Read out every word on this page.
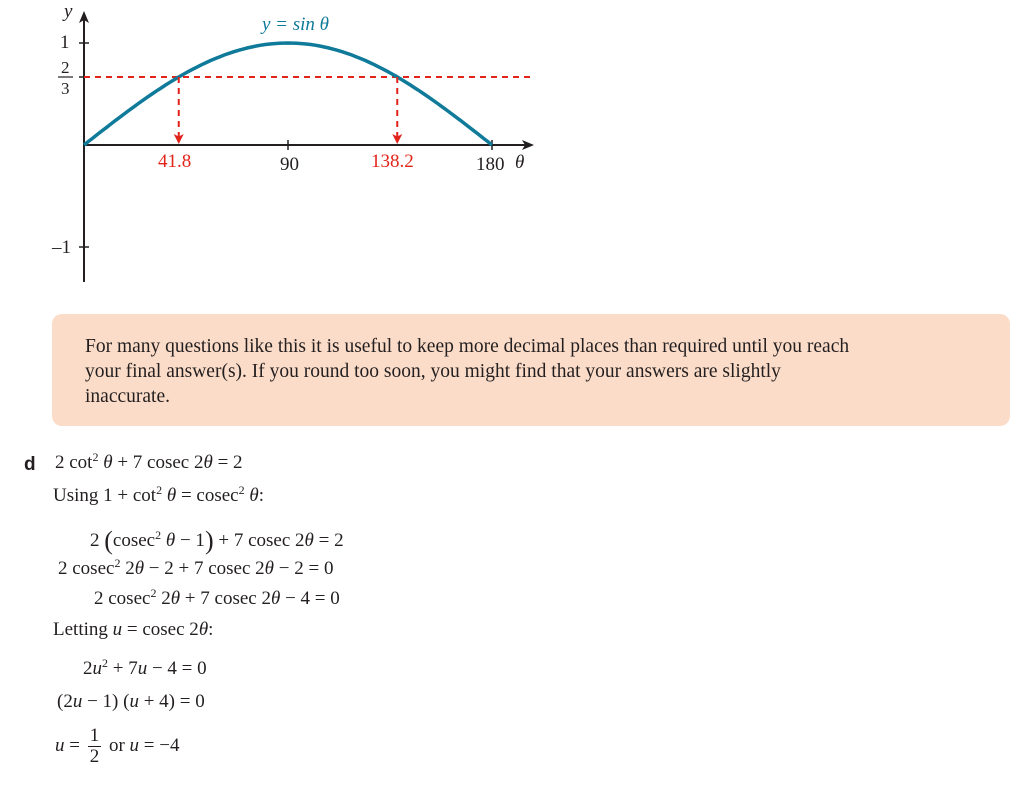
y
θ
y = sin θ
1
–1
2
3
90	180
41.8	138.2

For many questions like this it is useful to keep more decimal places than required until you reach

your final answer(s). If you round too soon, you might find that your answers are slightly

inaccurate.

d 2 $\cot^2 \theta + 7$ cosec 2θ = 2
Using $1 + \cot^2 \theta = cosec^2$ θ:
2 (cosec$^2$ θ − 1) + 7 cosec 2θ = 2
2 cosec$^2$ 2θ − 2 + 7 cosec 2θ − 2 = 0
2 cosec$^2$ 2θ + 7 cosec 2θ − 4 = 0
Letting u = cosec 2θ:
$2u^2 + 7u - 4 = 0$
(2u − 1) (u + 4) = 0
$u = \frac{1}{2}$ or u = −4
